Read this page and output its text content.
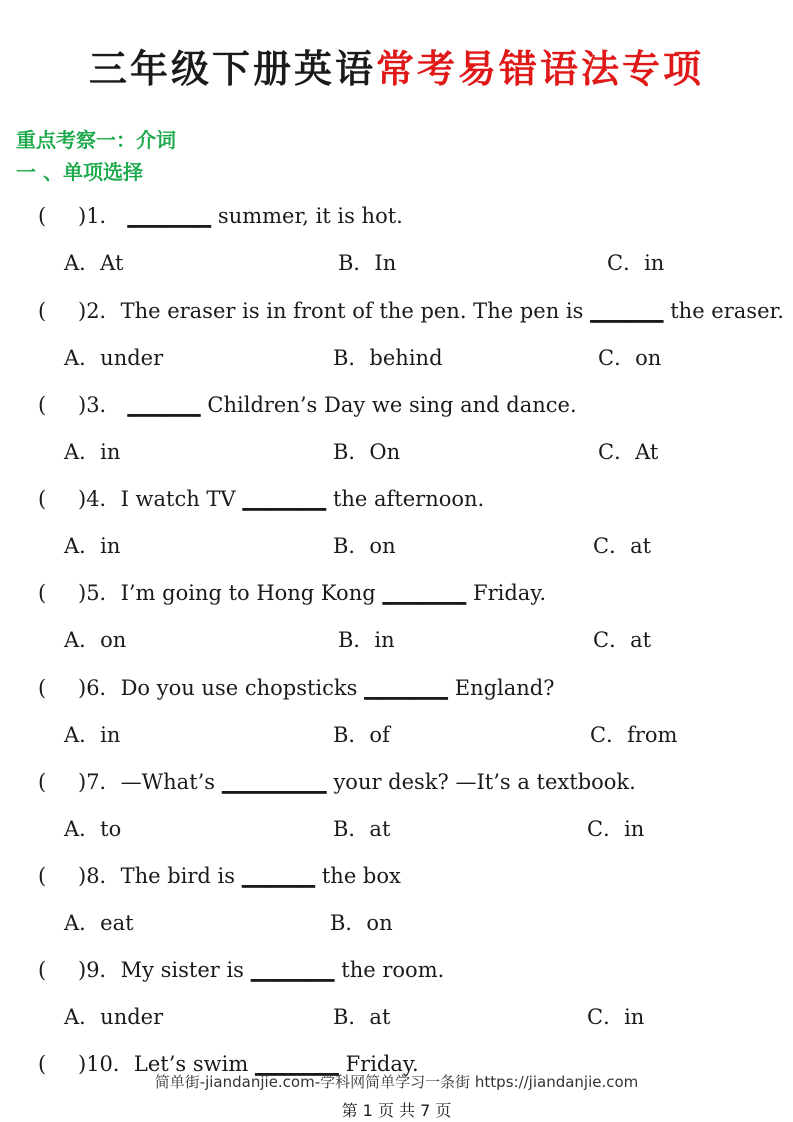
三年级下册英语常考易错语法专项
重点考察一：介词
一 、单项选择
( )1． ________ summer, it is hot.
A．At	B．In	C．in
( )2．The eraser is in front of the pen. The pen is _______ the eraser.
A．under	B．behind	C．on
( )3． _______ Children’s Day we sing and dance.
A．in	B．On	C．At
( )4．I watch TV ________ the afternoon.
A．in	B．on	C．at
( )5．I’m going to Hong Kong ________ Friday.
A．on	B．in	C．at
( )6．Do you use chopsticks ________ England?
A．in	B．of	C．from
( )7．—What’s __________ your desk? —It’s a textbook.
A．to	B．at	C．in
( )8．The bird is _______ the box
A．eat	B．on
( )9．My sister is ________ the room.
A．under	B．at	C．in
( )10．Let’s swim ________ Friday.
简单街-jiandanjie.com-学科网简单学习一条街 https://jiandanjie.com
第 1 页 共 7 页
